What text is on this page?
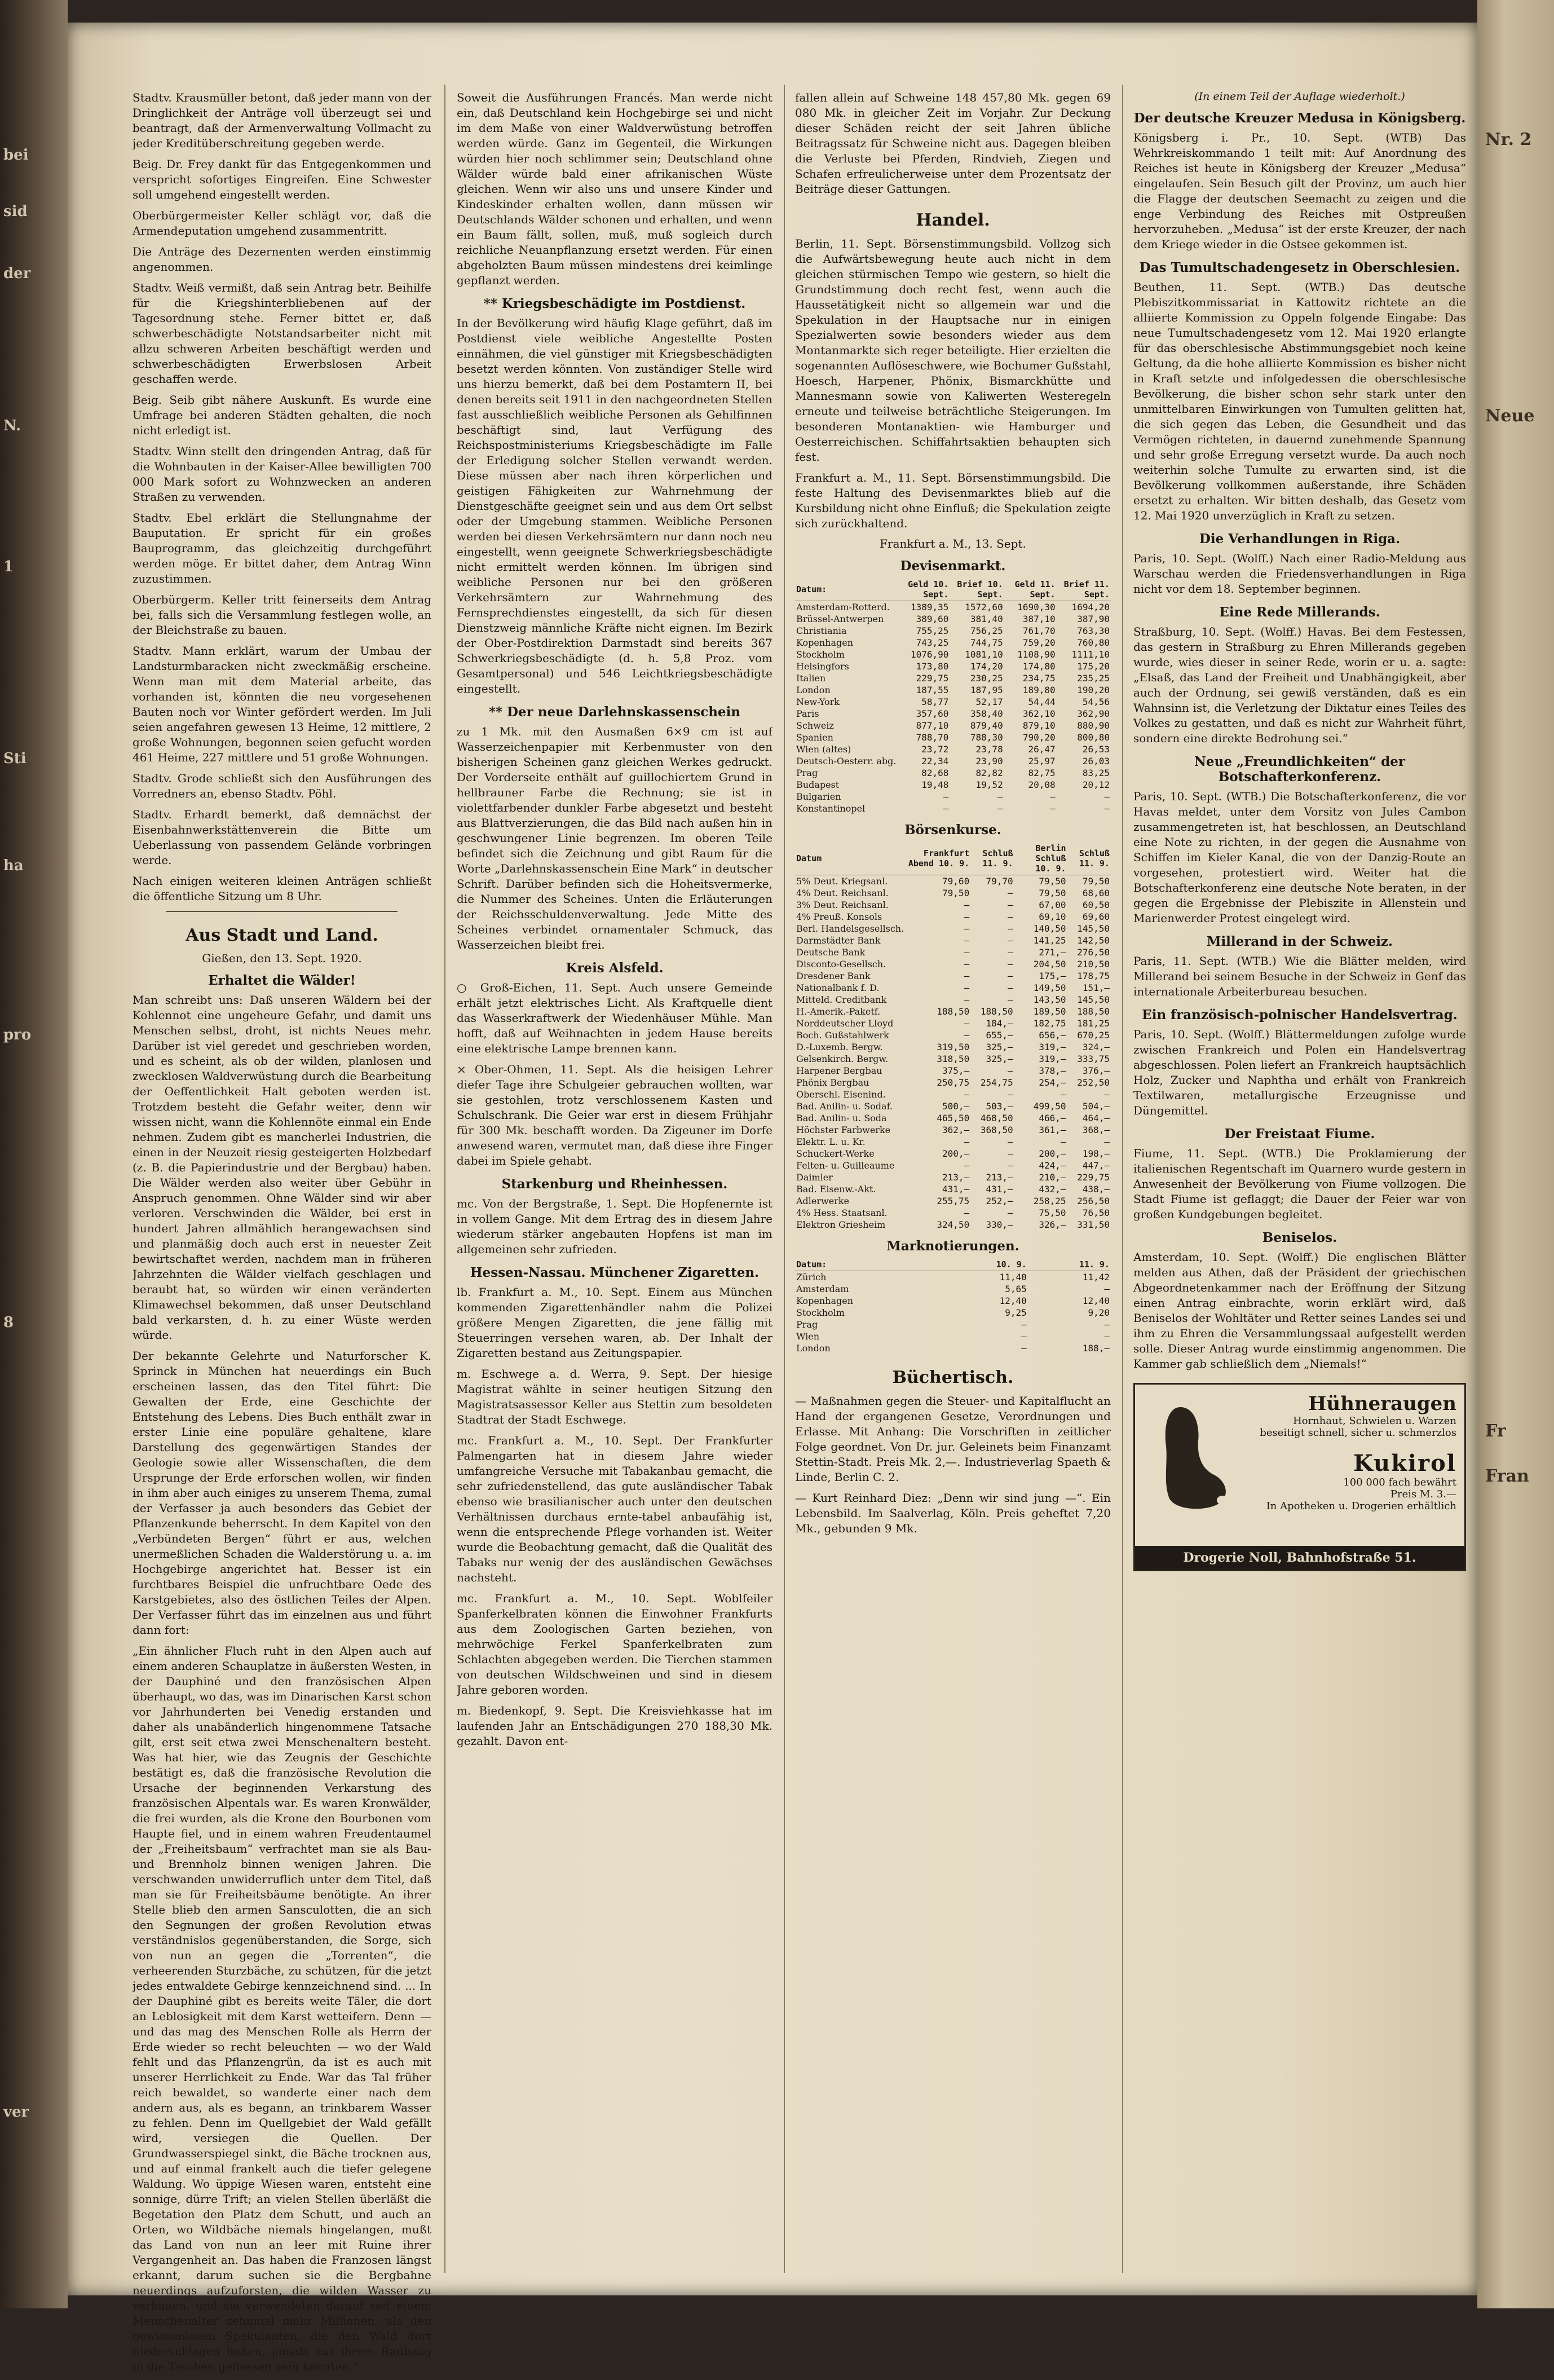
bei
sid
der
N.
1
Sti
ha
pro
8
ver

Stadtv. Krausmüller betont, daß jeder mann von der Dringlichkeit der Anträge voll überzeugt sei und beantragt, daß der Armenverwaltung Vollmacht zu jeder Kreditüberschreitung gegeben werde.

Beig. Dr. Frey dankt für das Entgegenkommen und verspricht sofortiges Eingreifen. Eine Schwester soll umgehend eingestellt werden.

Oberbürgermeister Keller schlägt vor, daß die Armendeputation umgehend zusammentritt.

Die Anträge des Dezernenten werden einstimmig angenommen.

Stadtv. Weiß vermißt, daß sein Antrag betr. Beihilfe für die Kriegshinterbliebenen auf der Tagesordnung stehe. Ferner bittet er, daß schwerbeschädigte Notstandsarbeiter nicht mit allzu schweren Arbeiten beschäftigt werden und schwerbeschädigten Erwerbslosen Arbeit geschaffen werde.

Beig. Seib gibt nähere Auskunft. Es wurde eine Umfrage bei anderen Städten gehalten, die noch nicht erledigt ist.

Stadtv. Winn stellt den dringenden Antrag, daß für die Wohnbauten in der Kaiser-Allee bewilligten 700 000 Mark sofort zu Wohnzwecken an anderen Straßen zu verwenden.

Stadtv. Ebel erklärt die Stellungnahme der Bauputation. Er spricht für ein großes Bauprogramm, das gleichzeitig durchgeführt werden möge. Er bittet daher, dem Antrag Winn zuzustimmen.

Oberbürgerm. Keller tritt feinerseits dem Antrag bei, falls sich die Versammlung festlegen wolle, an der Bleichstraße zu bauen.

Stadtv. Mann erklärt, warum der Umbau der Landsturmbaracken nicht zweckmäßig erscheine. Wenn man mit dem Material arbeite, das vorhanden ist, könnten die neu vorgesehenen Bauten noch vor Winter gefördert werden. Im Juli seien angefahren gewesen 13 Heime, 12 mittlere, 2 große Wohnungen, begonnen seien gefucht worden 461 Heime, 227 mittlere und 51 große Wohnungen.

Stadtv. Grode schließt sich den Ausführungen des Vorredners an, ebenso Stadtv. Pöhl.

Stadtv. Erhardt bemerkt, daß demnächst der Eisenbahnwerkstättenverein die Bitte um Ueberlassung von passendem Gelände vorbringen werde.

Nach einigen weiteren kleinen Anträgen schließt die öffentliche Sitzung um 8 Uhr.

Aus Stadt und Land.
Gießen, den 13. Sept. 1920.
Erhaltet die Wälder!

Man schreibt uns: Daß unseren Wäldern bei der Kohlennot eine ungeheure Gefahr, und damit uns Menschen selbst, droht, ist nichts Neues mehr. Darüber ist viel geredet und geschrieben worden, und es scheint, als ob der wilden, planlosen und zwecklosen Waldverwüstung durch die Bearbeitung der Oeffentlichkeit Halt geboten werden ist. Trotzdem besteht die Gefahr weiter, denn wir wissen nicht, wann die Kohlennöte einmal ein Ende nehmen. Zudem gibt es mancherlei Industrien, die einen in der Neuzeit riesig gesteigerten Holzbedarf (z. B. die Papierindustrie und der Bergbau) haben. Die Wälder werden also weiter über Gebühr in Anspruch genommen. Ohne Wälder sind wir aber verloren. Verschwinden die Wälder, bei erst in hundert Jahren allmählich herangewachsen sind und planmäßig doch auch erst in neuester Zeit bewirtschaftet werden, nachdem man in früheren Jahrzehnten die Wälder vielfach geschlagen und beraubt hat, so würden wir einen veränderten Klimawechsel bekommen, daß unser Deutschland bald verkarsten, d. h. zu einer Wüste werden würde.

Der bekannte Gelehrte und Naturforscher K. Sprinck in München hat neuerdings ein Buch erscheinen lassen, das den Titel führt: Die Gewalten der Erde, eine Geschichte der Entstehung des Lebens. Dies Buch enthält zwar in erster Linie eine populäre gehaltene, klare Darstellung des gegenwärtigen Standes der Geologie sowie aller Wissenschaften, die dem Ursprunge der Erde erforschen wollen, wir finden in ihm aber auch einiges zu unserem Thema, zumal der Verfasser ja auch besonders das Gebiet der Pflanzenkunde beherrscht. In dem Kapitel von den „Verbündeten Bergen“ führt er aus, welchen unermeßlichen Schaden die Walderstörung u. a. im Hochgebirge angerichtet hat. Besser ist ein furchtbares Beispiel die unfruchtbare Oede des Karstgebietes, also des östlichen Teiles der Alpen. Der Verfasser führt das im einzelnen aus und führt dann fort:

„Ein ähnlicher Fluch ruht in den Alpen auch auf einem anderen Schauplatze in äußersten Westen, in der Dauphiné und den französischen Alpen überhaupt, wo das, was im Dinarischen Karst schon vor Jahrhunderten bei Venedig erstanden und daher als unabänderlich hingenommene Tatsache gilt, erst seit etwa zwei Menschenaltern besteht. Was hat hier, wie das Zeugnis der Geschichte bestätigt es, daß die französische Revolution die Ursache der beginnenden Verkarstung des französischen Alpentals war. Es waren Kronwälder, die frei wurden, als die Krone den Bourbonen vom Haupte fiel, und in einem wahren Freudentaumel der „Freiheitsbaum“ verfrachtet man sie als Bau- und Brennholz binnen wenigen Jahren. Die verschwanden unwiderruflich unter dem Titel, daß man sie für Freiheitsbäume benötigte. An ihrer Stelle blieb den armen Sansculotten, die an sich den Segnungen der großen Revolution etwas verständnislos gegenüberstanden, die Sorge, sich von nun an gegen die „Torrenten“, die verheerenden Sturzbäche, zu schützen, für die jetzt jedes entwaldete Gebirge kennzeichnend sind. ... In der Dauphiné gibt es bereits weite Täler, die dort an Leblosigkeit mit dem Karst wetteifern. Denn — und das mag des Menschen Rolle als Herrn der Erde wieder so recht beleuchten — wo der Wald fehlt und das Pflanzengrün, da ist es auch mit unserer Herrlichkeit zu Ende. War das Tal früher reich bewaldet, so wanderte einer nach dem andern aus, als es begann, an trinkbarem Wasser zu fehlen. Denn im Quellgebiet der Wald gefällt wird, versiegen die Quellen. Der Grundwasserspiegel sinkt, die Bäche trocknen aus, und auf einmal frankelt auch die tiefer gelegene Waldung. Wo üppige Wiesen waren, entsteht eine sonnige, dürre Trift; an vielen Stellen überläßt die Begetation den Platz dem Schutt, und auch an Orten, wo Wildbäche niemals hingelangen, mußt das Land von nun an leer mit Ruine ihrer Vergangenheit an. Das haben die Franzosen längst erkannt, darum suchen sie die Bergbahne neuerdings aufzuforsten, die wilden Wasser zu verbauen, und sie verwendeten darauf seit einem Menschenalter zehnmal mehr Millionen, als den gewissenlosen Spekulanten, die den Wald dort niederschlagen ließen, jemals aus ihrem Raubzug in die Taschen geflossen sein konnten.“

Soweit die Ausführungen Francés. Man werde nicht ein, daß Deutschland kein Hochgebirge sei und nicht im dem Maße von einer Waldverwüstung betroffen werden würde. Ganz im Gegenteil, die Wirkungen würden hier noch schlimmer sein; Deutschland ohne Wälder würde bald einer afrikanischen Wüste gleichen. Wenn wir also uns und unsere Kinder und Kindeskinder erhalten wollen, dann müssen wir Deutschlands Wälder schonen und erhalten, und wenn ein Baum fällt, sollen, muß, muß sogleich durch reichliche Neuanpflanzung ersetzt werden. Für einen abgeholzten Baum müssen mindestens drei keimlinge gepflanzt werden.

** Kriegsbeschädigte im Postdienst.

In der Bevölkerung wird häufig Klage geführt, daß im Postdienst viele weibliche Angestellte Posten einnähmen, die viel günstiger mit Kriegsbeschädigten besetzt werden könnten. Von zuständiger Stelle wird uns hierzu bemerkt, daß bei dem Postamtern II, bei denen bereits seit 1911 in den nachgeordneten Stellen fast ausschließlich weibliche Personen als Gehilfinnen beschäftigt sind, laut Verfügung des Reichspostministeriums Kriegsbeschädigte im Falle der Erledigung solcher Stellen verwandt werden. Diese müssen aber nach ihren körperlichen und geistigen Fähigkeiten zur Wahrnehmung der Dienstgeschäfte geeignet sein und aus dem Ort selbst oder der Umgebung stammen. Weibliche Personen werden bei diesen Verkehrsämtern nur dann noch neu eingestellt, wenn geeignete Schwerkriegsbeschädigte nicht ermittelt werden können. Im übrigen sind weibliche Personen nur bei den größeren Verkehrsämtern zur Wahrnehmung des Fernsprechdienstes eingestellt, da sich für diesen Dienstzweig männliche Kräfte nicht eignen. Im Bezirk der Ober-Postdirektion Darmstadt sind bereits 367 Schwerkriegsbeschädigte (d. h. 5,8 Proz. vom Gesamtpersonal) und 546 Leichtkriegsbeschädigte eingestellt.

** Der neue Darlehnskassenschein

zu 1 Mk. mit den Ausmaßen 6×9 cm ist auf Wasserzeichenpapier mit Kerbenmuster von den bisherigen Scheinen ganz gleichen Werkes gedruckt. Der Vorderseite enthält auf guillochiertem Grund in hellbrauner Farbe die Rechnung; sie ist in violettfarbender dunkler Farbe abgesetzt und besteht aus Blattverzierungen, die das Bild nach außen hin in geschwungener Linie begrenzen. Im oberen Teile befindet sich die Zeichnung und gibt Raum für die Worte „Darlehnskassenschein Eine Mark“ in deutscher Schrift. Darüber befinden sich die Hoheitsvermerke, die Nummer des Scheines. Unten die Erläuterungen der Reichsschuldenverwaltung. Jede Mitte des Scheines verbindet ornamentaler Schmuck, das Wasserzeichen bleibt frei.

Kreis Alsfeld.

○ Groß-Eichen, 11. Sept. Auch unsere Gemeinde erhält jetzt elektrisches Licht. Als Kraftquelle dient das Wasserkraftwerk der Wiedenhäuser Mühle. Man hofft, daß auf Weihnachten in jedem Hause bereits eine elektrische Lampe brennen kann.

× Ober-Ohmen, 11. Sept. Als die heisigen Lehrer diefer Tage ihre Schulgeier gebrauchen wollten, war sie gestohlen, trotz verschlossenem Kasten und Schulschrank. Die Geier war erst in diesem Frühjahr für 300 Mk. beschafft worden. Da Zigeuner im Dorfe anwesend waren, vermutet man, daß diese ihre Finger dabei im Spiele gehabt.

Starkenburg und Rheinhessen.

mc. Von der Bergstraße, 1. Sept. Die Hopfenernte ist in vollem Gange. Mit dem Ertrag des in diesem Jahre wiederum stärker angebauten Hopfens ist man im allgemeinen sehr zufrieden.

Hessen-Nassau. Münchener Zigaretten.

lb. Frankfurt a. M., 10. Sept. Einem aus München kommenden Zigarettenhändler nahm die Polizei größere Mengen Zigaretten, die jene fällig mit Steuerringen versehen waren, ab. Der Inhalt der Zigaretten bestand aus Zeitungspapier.

m. Eschwege a. d. Werra, 9. Sept. Der hiesige Magistrat wählte in seiner heutigen Sitzung den Magistratsassessor Keller aus Stettin zum besoldeten Stadtrat der Stadt Eschwege.

mc. Frankfurt a. M., 10. Sept. Der Frankfurter Palmengarten hat in diesem Jahre wieder umfangreiche Versuche mit Tabakanbau gemacht, die sehr zufriedenstellend, das gute ausländischer Tabak ebenso wie brasilianischer auch unter den deutschen Verhältnissen durchaus ernte-tabel anbaufähig ist, wenn die entsprechende Pflege vorhanden ist. Weiter wurde die Beobachtung gemacht, daß die Qualität des Tabaks nur wenig der des ausländischen Gewächses nachsteht.

mc. Frankfurt a. M., 10. Sept. Woblfeiler Spanferkelbraten können die Einwohner Frankfurts aus dem Zoologischen Garten beziehen, von mehrwöchige Ferkel Spanferkelbraten zum Schlachten abgegeben werden. Die Tierchen stammen von deutschen Wildschweinen und sind in diesem Jahre geboren worden.

m. Biedenkopf, 9. Sept. Die Kreisviehkasse hat im laufenden Jahr an Entschädigungen 270 188,30 Mk. gezahlt. Davon ent-

fallen allein auf Schweine 148 457,80 Mk. gegen 69 080 Mk. in gleicher Zeit im Vorjahr. Zur Deckung dieser Schäden reicht der seit Jahren übliche Beitragssatz für Schweine nicht aus. Dagegen bleiben die Verluste bei Pferden, Rindvieh, Ziegen und Schafen erfreulicherweise unter dem Prozentsatz der Beiträge dieser Gattungen.

Handel.

Berlin, 11. Sept. Börsenstimmungsbild. Vollzog sich die Aufwärtsbewegung heute auch nicht in dem gleichen stürmischen Tempo wie gestern, so hielt die Grundstimmung doch recht fest, wenn auch die Haussetätigkeit nicht so allgemein war und die Spekulation in der Hauptsache nur in einigen Spezialwerten sowie besonders wieder aus dem Montanmarkte sich reger beteiligte. Hier erzielten die sogenannten Auflöseschwere, wie Bochumer Gußstahl, Hoesch, Harpener, Phönix, Bismarckhütte und Mannesmann sowie von Kaliwerten Westeregeln erneute und teilweise beträchtliche Steigerungen. Im besonderen Montanaktien- wie Hamburger und Oesterreichischen. Schiffahrtsaktien behaupten sich fest.

Frankfurt a. M., 11. Sept. Börsenstimmungsbild. Die feste Haltung des Devisenmarktes blieb auf die Kursbildung nicht ohne Einfluß; die Spekulation zeigte sich zurückhaltend.

Frankfurt a. M., 13. Sept.
Devisenmarkt.
Datum:	Geld 10. Sept.	Brief 10. Sept.	Geld 11. Sept.	Brief 11. Sept.
Amsterdam-Rotterd.	1389,35	1572,60	1690,30	1694,20
Brüssel-Antwerpen	389,60	381,40	387,10	387,90
Christiania	755,25	756,25	761,70	763,30
Kopenhagen	743,25	744,75	759,20	760,80
Stockholm	1076,90	1081,10	1108,90	1111,10
Helsingfors	173,80	174,20	174,80	175,20
Italien	229,75	230,25	234,75	235,25
London	187,55	187,95	189,80	190,20
New-York	58,77	52,17	54,44	54,56
Paris	357,60	358,40	362,10	362,90
Schweiz	877,10	879,40	879,10	880,90
Spanien	788,70	788,30	790,20	800,80
Wien (altes)	23,72	23,78	26,47	26,53
Deutsch-Oesterr. abg.	22,34	23,90	25,97	26,03
Prag	82,68	82,82	82,75	83,25
Budapest	19,48	19,52	20,08	20,12
Bulgarien	—	—	—	—
Konstantinopel	—	—	—	—
Börsenkurse.
Datum	Frankfurt Abend 10. 9.	Schluß 11. 9.	Berlin Schluß 10. 9.	Schluß 11. 9.
5% Deut. Kriegsanl.	79,60	79,70	79,50	79,50
4% Deut. Reichsanl.	79,50	—	79,50	68,60
3% Deut. Reichsanl.	—	—	67,00	60,50
4% Preuß. Konsols	—	—	69,10	69,60
Berl. Handelsgesellsch.	—	—	140,50	145,50
Darmstädter Bank	—	—	141,25	142,50
Deutsche Bank	—	—	271,—	276,50
Disconto-Gesellsch.	—	—	204,50	210,50
Dresdener Bank	—	—	175,—	178,75
Nationalbank f. D.	—	—	149,50	151,—
Mitteld. Creditbank	—	—	143,50	145,50
H.-Amerik.-Paketf.	188,50	188,50	189,50	188,50
Norddeutscher Lloyd	—	184,—	182,75	181,25
Boch. Gußstahlwerk	—	655,—	656,—	670,25
D.-Luxemb. Bergw.	319,50	325,—	319,—	324,—
Gelsenkirch. Bergw.	318,50	325,—	319,—	333,75
Harpener Bergbau	375,—	—	378,—	376,—
Phönix Bergbau	250,75	254,75	254,—	252,50
Oberschl. Eisenind.	—	—	—	—
Bad. Anilin- u. Sodaf.	500,—	503,—	499,50	504,—
Bad. Anilin- u. Soda	465,50	468,50	466,—	464,—
Höchster Farbwerke	362,—	368,50	361,—	368,—
Elektr. L. u. Kr.	—	—	—	—
Schuckert-Werke	200,—	—	200,—	198,—
Felten- u. Guilleaume	—	—	424,—	447,—
Daimler	213,—	213,—	210,—	229,75
Bad. Eisenw.-Akt.	431,—	431,—	432,—	438,—
Adlerwerke	255,75	252,—	258,25	256,50
4% Hess. Staatsanl.	—	—	75,50	76,50
Elektron Griesheim	324,50	330,—	326,—	331,50
Marknotierungen.
Datum:	10. 9.	11. 9.
Zürich	11,40	11,42
Amsterdam	5,65	—
Kopenhagen	12,40	12,40
Stockholm	9,25	9,20
Prag	—	—
Wien	—	—
London	—	188,—
Büchertisch.

— Maßnahmen gegen die Steuer- und Kapitalflucht an Hand der ergangenen Gesetze, Verordnungen und Erlasse. Mit Anhang: Die Vorschriften in zeitlicher Folge geordnet. Von Dr. jur. Geleinets beim Finanzamt Stettin-Stadt. Preis Mk. 2,—. Industrieverlag Spaeth & Linde, Berlin C. 2.

— Kurt Reinhard Diez: „Denn wir sind jung —“. Ein Lebensbild. Im Saalverlag, Köln. Preis geheftet 7,20 Mk., gebunden 9 Mk.

(In einem Teil der Auflage wiederholt.)
Der deutsche Kreuzer Medusa in Königsberg.

Königsberg i. Pr., 10. Sept. (WTB) Das Wehrkreiskommando 1 teilt mit: Auf Anordnung des Reiches ist heute in Königsberg der Kreuzer „Medusa“ eingelaufen. Sein Besuch gilt der Provinz, um auch hier die Flagge der deutschen Seemacht zu zeigen und die enge Verbindung des Reiches mit Ostpreußen hervorzuheben. „Medusa“ ist der erste Kreuzer, der nach dem Kriege wieder in die Ostsee gekommen ist.

Das Tumultschadengesetz in Oberschlesien.

Beuthen, 11. Sept. (WTB.) Das deutsche Plebiszitkommissariat in Kattowitz richtete an die alliierte Kommission zu Oppeln folgende Eingabe: Das neue Tumultschadengesetz vom 12. Mai 1920 erlangte für das oberschlesische Abstimmungsgebiet noch keine Geltung, da die hohe alliierte Kommission es bisher nicht in Kraft setzte und infolgedessen die oberschlesische Bevölkerung, die bisher schon sehr stark unter den unmittelbaren Einwirkungen von Tumulten gelitten hat, die sich gegen das Leben, die Gesundheit und das Vermögen richteten, in dauernd zunehmende Spannung und sehr große Erregung versetzt wurde. Da auch noch weiterhin solche Tumulte zu erwarten sind, ist die Bevölkerung vollkommen außerstande, ihre Schäden ersetzt zu erhalten. Wir bitten deshalb, das Gesetz vom 12. Mai 1920 unverzüglich in Kraft zu setzen.

Die Verhandlungen in Riga.

Paris, 10. Sept. (Wolff.) Nach einer Radio-Meldung aus Warschau werden die Friedensverhandlungen in Riga nicht vor dem 18. September beginnen.

Eine Rede Millerands.

Straßburg, 10. Sept. (Wolff.) Havas. Bei dem Festessen, das gestern in Straßburg zu Ehren Millerands gegeben wurde, wies dieser in seiner Rede, worin er u. a. sagte: „Elsaß, das Land der Freiheit und Unabhängigkeit, aber auch der Ordnung, sei gewiß verständen, daß es ein Wahnsinn ist, die Verletzung der Diktatur eines Teiles des Volkes zu gestatten, und daß es nicht zur Wahrheit führt, sondern eine direkte Bedrohung sei.“

Neue „Freundlichkeiten“ der Botschafterkonferenz.

Paris, 10. Sept. (WTB.) Die Botschafterkonferenz, die vor Havas meldet, unter dem Vorsitz von Jules Cambon zusammengetreten ist, hat beschlossen, an Deutschland eine Note zu richten, in der gegen die Ausnahme von Schiffen im Kieler Kanal, die von der Danzig-Route an vorgesehen, protestiert wird. Weiter hat die Botschafterkonferenz eine deutsche Note beraten, in der gegen die Ergebnisse der Plebiszite in Allenstein und Marienwerder Protest eingelegt wird.

Millerand in der Schweiz.

Paris, 11. Sept. (WTB.) Wie die Blätter melden, wird Millerand bei seinem Besuche in der Schweiz in Genf das internationale Arbeiterbureau besuchen.

Ein französisch-polnischer Handelsvertrag.

Paris, 10. Sept. (Wolff.) Blättermeldungen zufolge wurde zwischen Frankreich und Polen ein Handelsvertrag abgeschlossen. Polen liefert an Frankreich hauptsächlich Holz, Zucker und Naphtha und erhält von Frankreich Textilwaren, metallurgische Erzeugnisse und Düngemittel.

Der Freistaat Fiume.

Fiume, 11. Sept. (WTB.) Die Proklamierung der italienischen Regentschaft im Quarnero wurde gestern in Anwesenheit der Bevölkerung von Fiume vollzogen. Die Stadt Fiume ist geflaggt; die Dauer der Feier war von großen Kundgebungen begleitet.

Beniselos.

Amsterdam, 10. Sept. (Wolff.) Die englischen Blätter melden aus Athen, daß der Präsident der griechischen Abgeordnetenkammer nach der Eröffnung der Sitzung einen Antrag einbrachte, worin erklärt wird, daß Beniselos der Wohltäter und Retter seines Landes sei und ihm zu Ehren die Versammlungssaal aufgestellt werden solle. Dieser Antrag wurde einstimmig angenommen. Die Kammer gab schließlich dem „Niemals!“

Hühneraugen
Hornhaut, Schwielen u. Warzen
beseitigt schnell, sicher u. schmerzlos
Kukirol
100 000 fach bewährt
Preis M. 3.—
In Apotheken u. Drogerien erhältlich
Drogerie Noll, Bahnhofstraße 51.
Nr. 2
Neue
Fr
Fran
